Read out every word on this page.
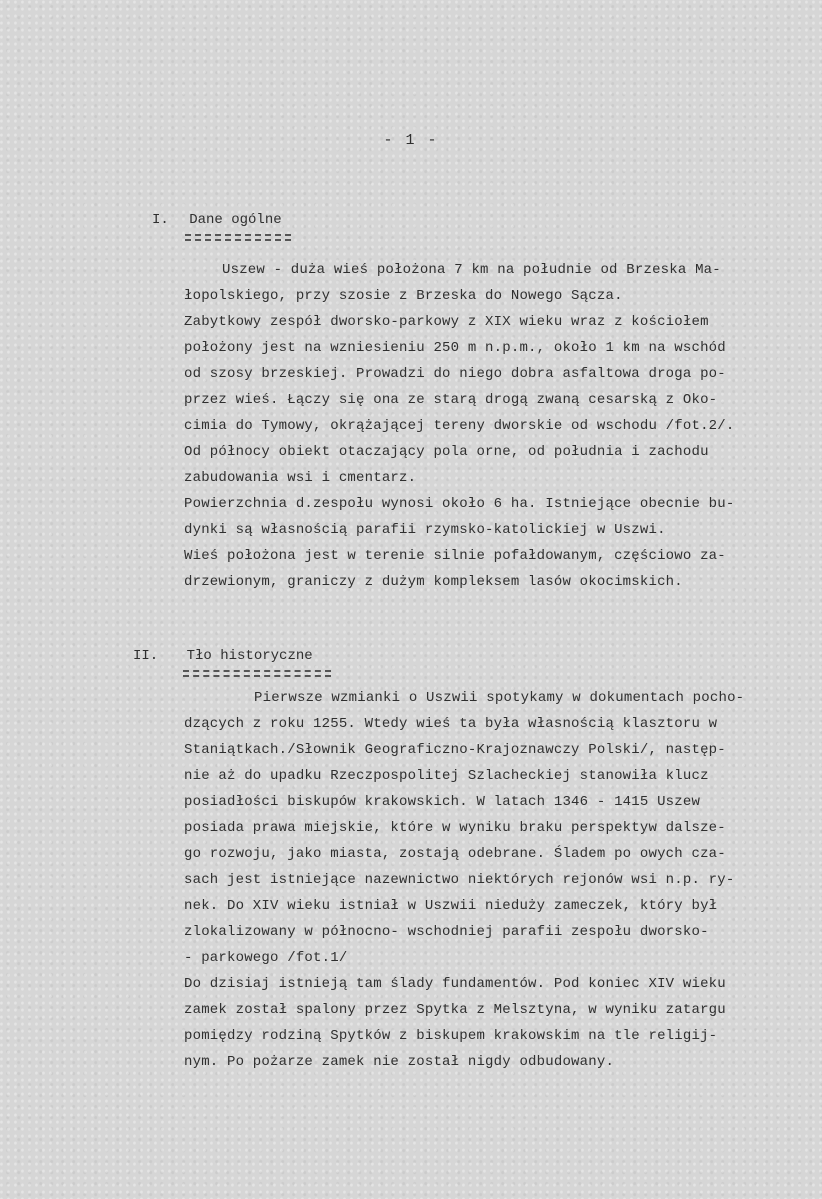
- 1 -
I. Dane ogólne
Uszew - duża wieś położona 7 km na południe od Brzeska Ma-
łopolskiego, przy szosie z Brzeska do Nowego Sącza.
Zabytkowy zespół dworsko-parkowy z XIX wieku wraz z kościołem
położony jest na wzniesieniu 250 m n.p.m., około 1 km na wschód
od szosy brzeskiej. Prowadzi do niego dobra asfaltowa droga po-
przez wieś. Łączy się ona ze starą drogą zwaną cesarską z Oko-
cimia do Tymowy, okrążającej tereny dworskie od wschodu /fot.2/.
Od północy obiekt otaczający pola orne, od południa i zachodu
zabudowania wsi i cmentarz.
Powierzchnia d.zespołu wynosi około 6 ha. Istniejące obecnie bu-
dynki są własnością parafii rzymsko-katolickiej w Uszwi.
Wieś położona jest w terenie silnie pofałdowanym, częściowo za-
drzewionym, graniczy z dużym kompleksem lasów okocimskich.
II. Tło historyczne
Pierwsze wzmianki o Uszwii spotykamy w dokumentach pocho-
dzących z roku 1255. Wtedy wieś ta była własnością klasztoru w
Staniątkach./Słownik Geograficzno-Krajoznawczy Polski/, następ-
nie aż do upadku Rzeczpospolitej Szlacheckiej stanowiła klucz
posiadłości biskupów krakowskich. W latach 1346 - 1415 Uszew
posiada prawa miejskie, które w wyniku braku perspektyw dalsze-
go rozwoju, jako miasta, zostają odebrane. Śladem po owych cza-
sach jest istniejące nazewnictwo niektórych rejonów wsi n.p. ry-
nek. Do XIV wieku istniał w Uszwii nieduży zameczek, który był
zlokalizowany w północno- wschodniej parafii zespołu dworsko-
- parkowego /fot.1/
Do dzisiaj istnieją tam ślady fundamentów. Pod koniec XIV wieku
zamek został spalony przez Spytka z Melsztyna, w wyniku zatargu
pomiędzy rodziną Spytków z biskupem krakowskim na tle religij-
nym. Po pożarze zamek nie został nigdy odbudowany.
